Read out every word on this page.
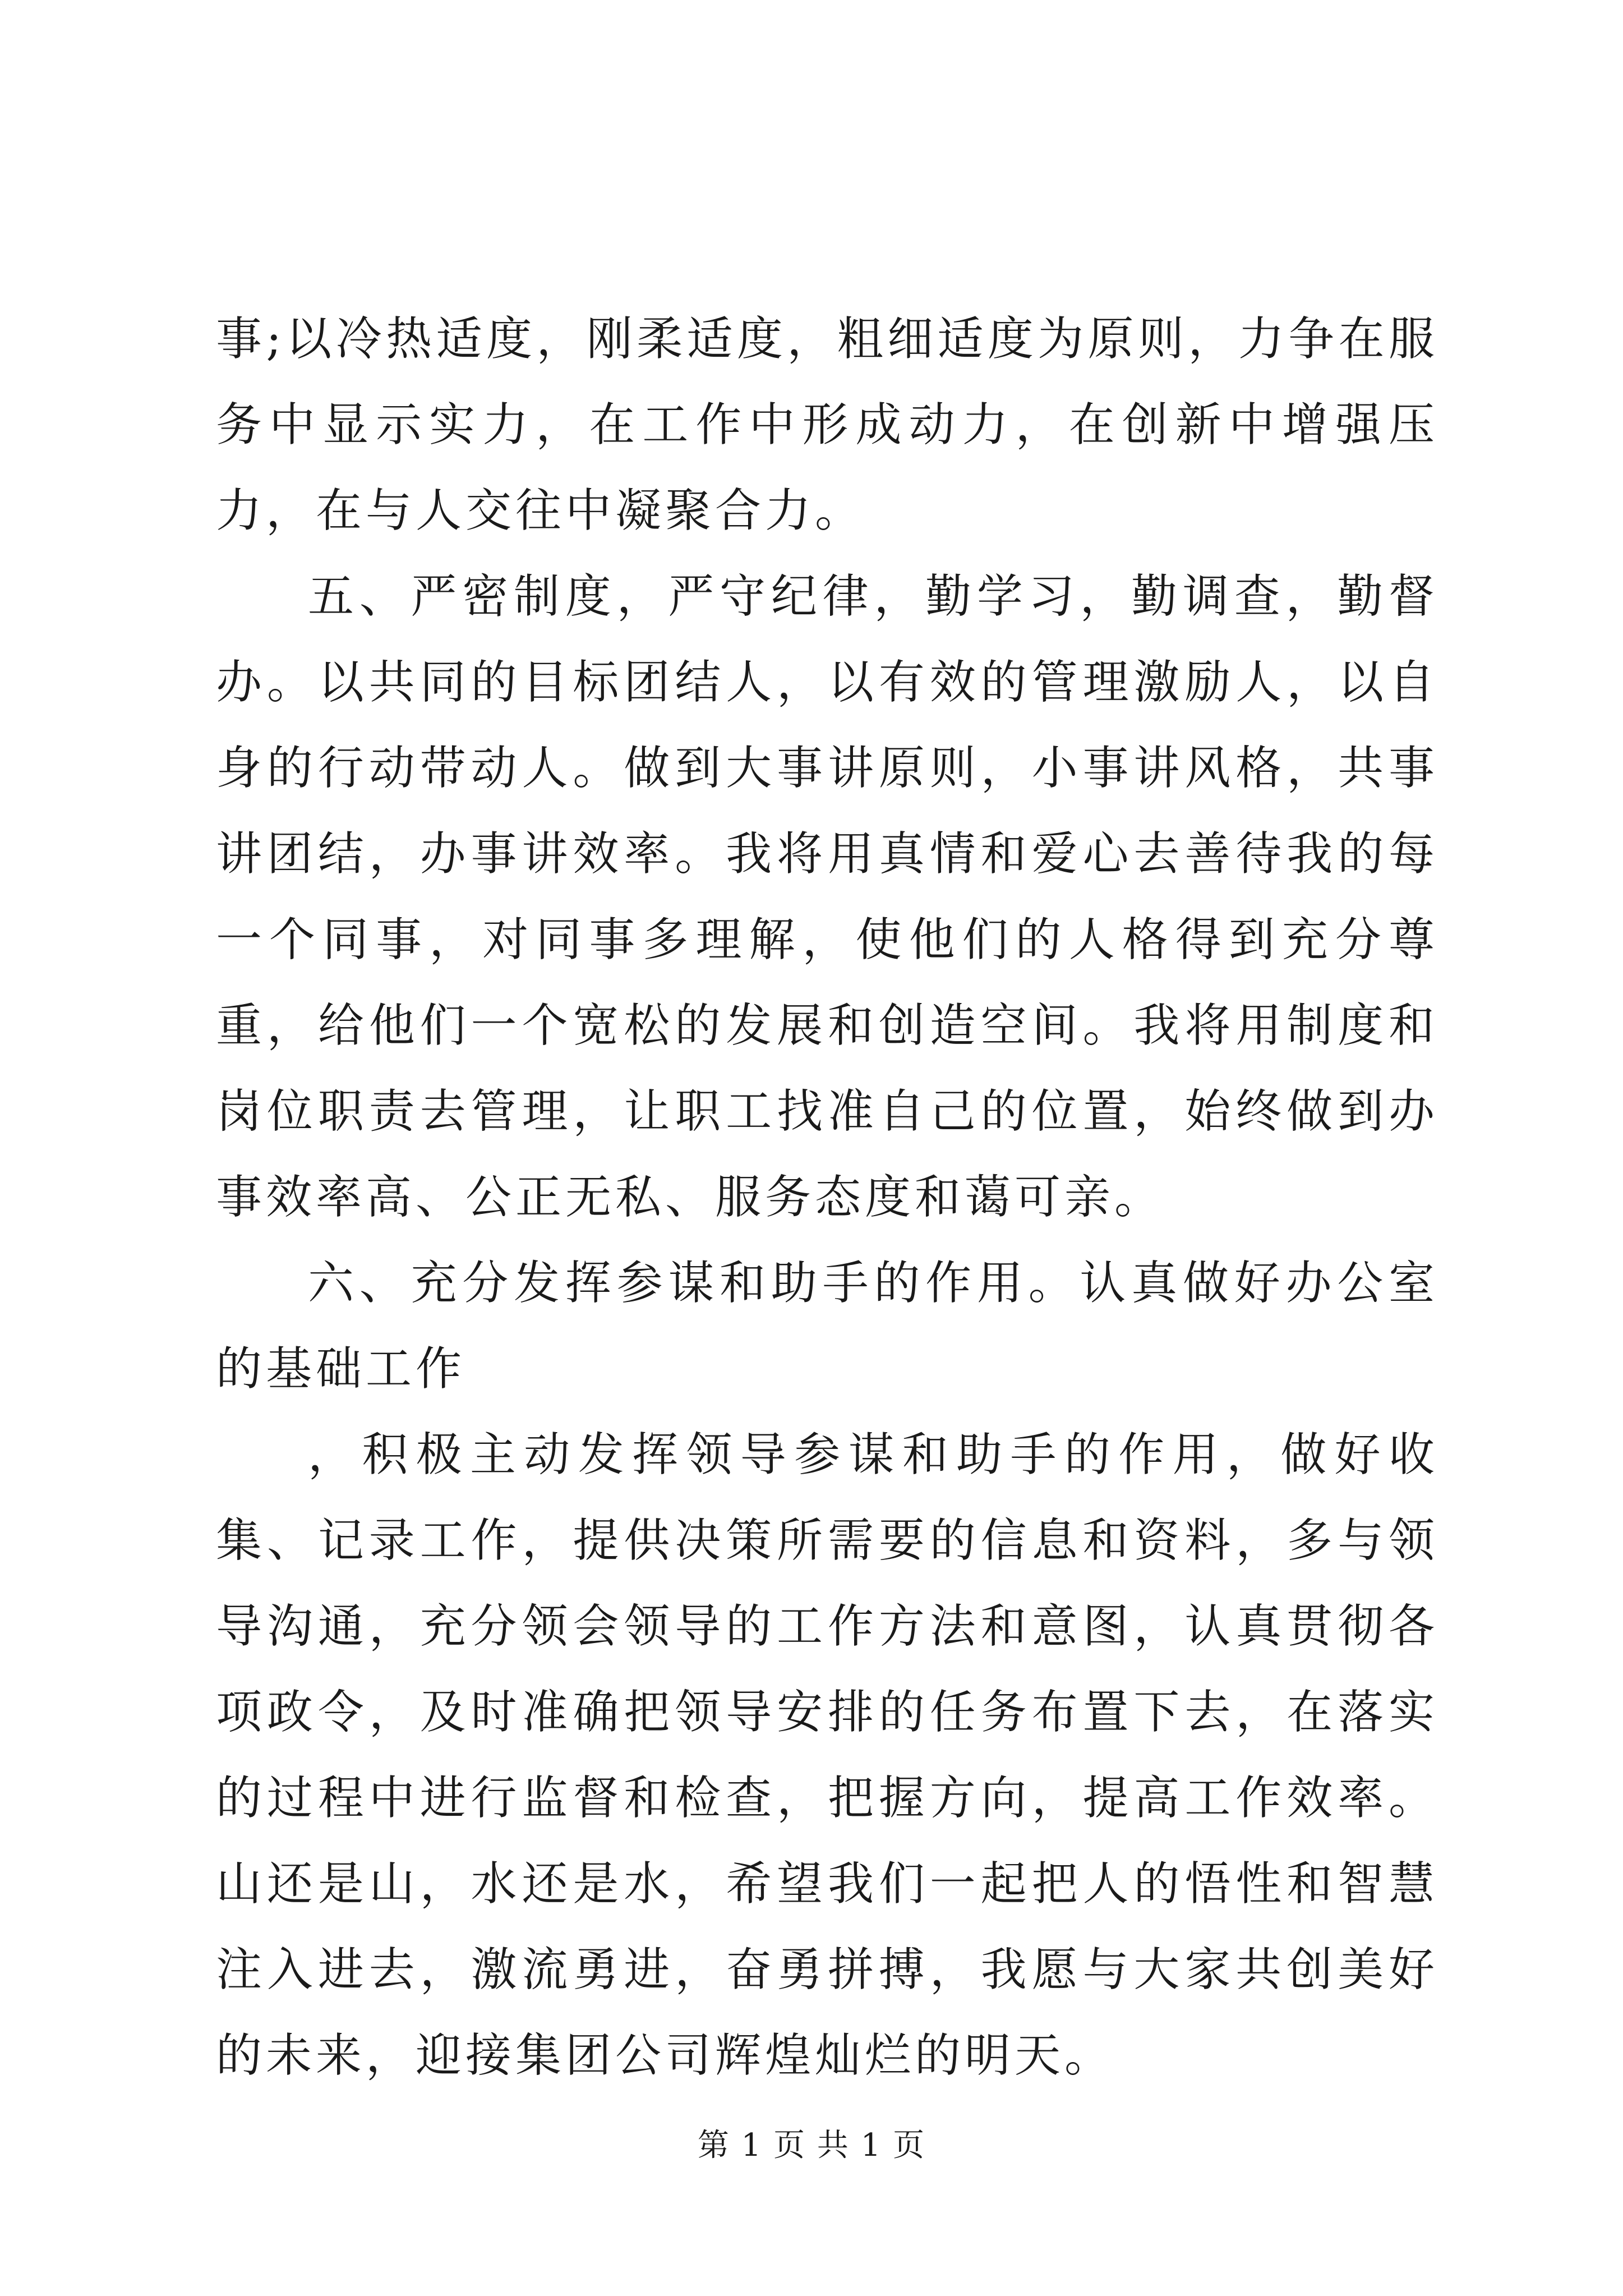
事;以冷热适度，刚柔适度，粗细适度为原则，力争在服务中显示实力，在工作中形成动力，在创新中增强压力，在与人交往中凝聚合力。

五、严密制度，严守纪律，勤学习，勤调查，勤督办。以共同的目标团结人，以有效的管理激励人，以自身的行动带动人。做到大事讲原则，小事讲风格，共事讲团结，办事讲效率。我将用真情和爱心去善待我的每一个同事，对同事多理解，使他们的人格得到充分尊重，给他们一个宽松的发展和创造空间。我将用制度和岗位职责去管理，让职工找准自己的位置，始终做到办事效率高、公正无私、服务态度和蔼可亲。

六、充分发挥参谋和助手的作用。认真做好办公室的基础工作

，积极主动发挥领导参谋和助手的作用，做好收集、记录工作，提供决策所需要的信息和资料，多与领导沟通，充分领会领导的工作方法和意图，认真贯彻各项政令，及时准确把领导安排的任务布置下去，在落实的过程中进行监督和检查，把握方向，提高工作效率。山还是山，水还是水，希望我们一起把人的悟性和智慧注入进去，激流勇进，奋勇拼搏，我愿与大家共创美好的未来，迎接集团公司辉煌灿烂的明天。

第 1 页 共 1 页
